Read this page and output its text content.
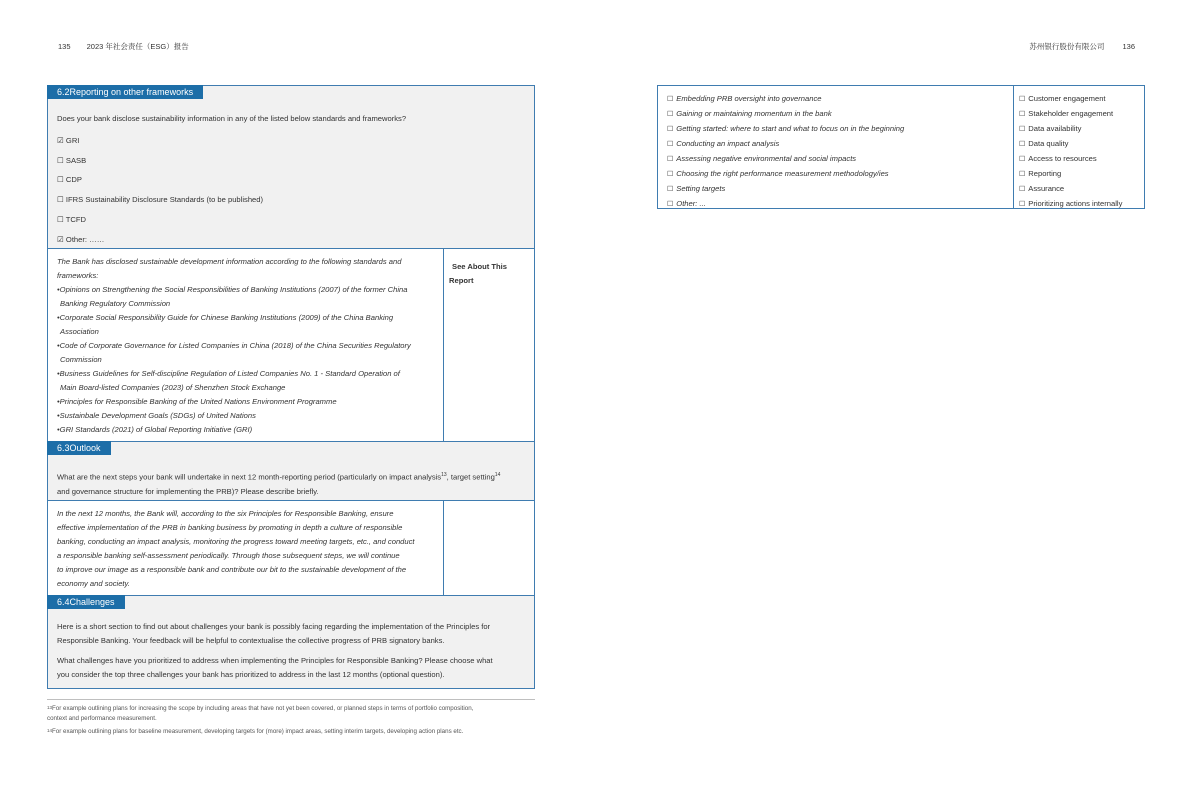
135 2023 年社会责任（ESG）报告	苏州银行股份有限公司 136
6.2Reporting on other frameworks
Does your bank disclose sustainability information in any of the listed below standards and frameworks?
☑ GRI
☐ SASB
☐ CDP
☐ IFRS Sustainability Disclosure Standards (to be published)
☐ TCFD
☑ Other: ……
The Bank has disclosed sustainable development information according to the following standards and
frameworks:
•Opinions on Strengthening the Social Responsibilities of Banking Institutions (2007) of the former China
Banking Regulatory Commission
•Corporate Social Responsibility Guide for Chinese Banking Institutions (2009) of the China Banking
Association
•Code of Corporate Governance for Listed Companies in China (2018) of the China Securities Regulatory
Commission
•Business Guidelines for Self-discipline Regulation of Listed Companies No. 1 - Standard Operation of
Main Board-listed Companies (2023) of Shenzhen Stock Exchange
•Principles for Responsible Banking of the United Nations Environment Programme
•Sustainbale Development Goals (SDGs) of United Nations
•GRI Standards (2021) of Global Reporting Initiative (GRI)
See About This
Report
6.3Outlook
What are the next steps your bank will undertake in next 12 month-reporting period (particularly on impact analysis$^{13}$, target setting$^{14}$
and governance structure for implementing the PRB)? Please describe briefly.
In the next 12 months, the Bank will, according to the six Principles for Responsible Banking, ensure
effective implementation of the PRB in banking business by promoting in depth a culture of responsible
banking, conducting an impact analysis, monitoring the progress toward meeting targets, etc., and conduct
a responsible banking self-assessment periodically. Through those subsequent steps, we will continue
to improve our image as a responsible bank and contribute our bit to the sustainable development of the
economy and society.
6.4Challenges
Here is a short section to find out about challenges your bank is possibly facing regarding the implementation of the Principles for
Responsible Banking. Your feedback will be helpful to contextualise the collective progress of PRB signatory banks.
What challenges have you prioritized to address when implementing the Principles for Responsible Banking? Please choose what
you consider the top three challenges your bank has prioritized to address in the last 12 months (optional question).
$^{13}$For example outlining plans for increasing the scope by including areas that have not yet been covered, or planned steps in terms of portfolio composition,
context and performance measurement.
$^{14}$For example outlining plans for baseline measurement, developing targets for (more) impact areas, setting interim targets, developing action plans etc.
☐ Embedding PRB oversight into governance
☐ Gaining or maintaining momentum in the bank
☐ Getting started: where to start and what to focus on in the beginning
☐ Conducting an impact analysis
☐ Assessing negative environmental and social impacts
☐ Choosing the right performance measurement methodology/ies
☐ Setting targets
☐ Other: ...
☐ Customer engagement
☐ Stakeholder engagement
☐ Data availability
☐ Data quality
☐ Access to resources
☐ Reporting
☐ Assurance
☐ Prioritizing actions internally
